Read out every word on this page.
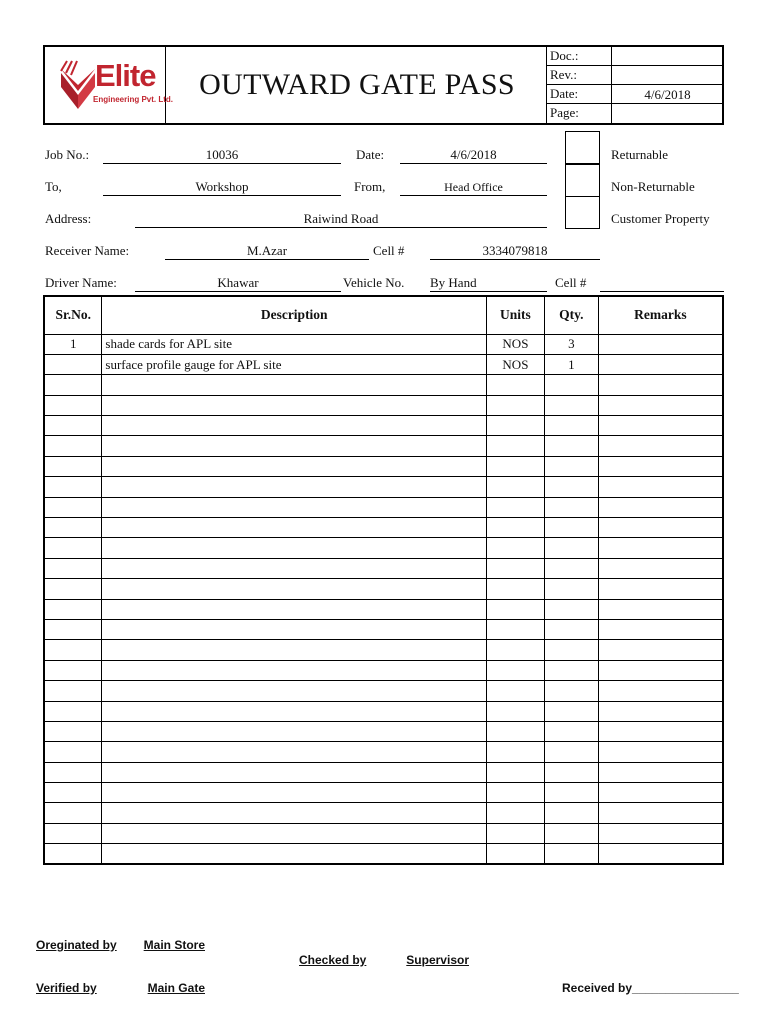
Elite
Engineering Pvt. Ltd. OUTWARD GATE PASS
Doc.:
Rev.:
Date:	4/6/2018
Page:
Job No.:	10036	Date:	4/6/2018
To,	Workshop	From,	Head Office
Address:	Raiwind Road
Receiver Name:	M.Azar	Cell #	3334079818
Driver Name:	Khawar	Vehicle No. By Hand	Cell #
Returnable
Non-Returnable
Customer Property
Sr.No.	Description	Units	Qty.	Remarks
1	shade cards for APL site	NOS	3	
	surface profile gauge for APL site	NOS	1	

Oreginated by	Main Store
Checked by	Supervisor
Verified by	Main Gate	Received by________________
